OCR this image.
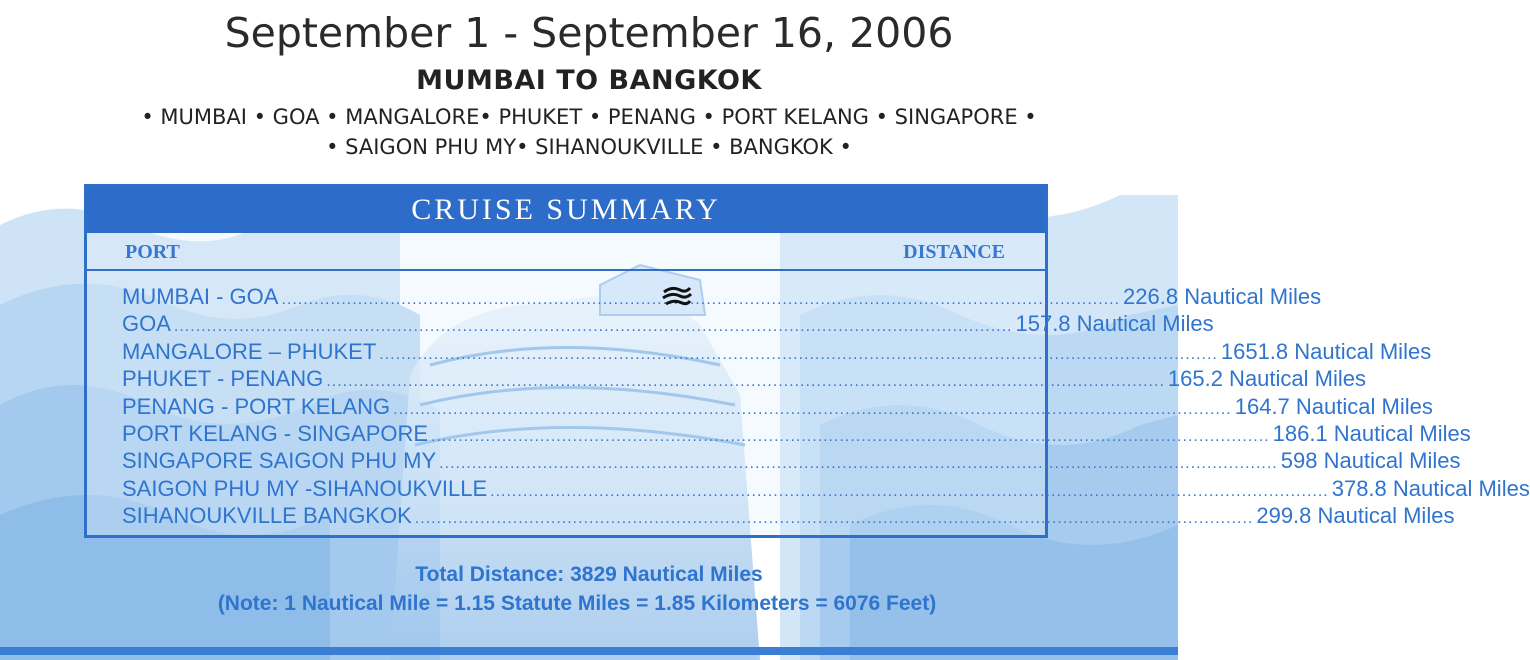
September 1 - September 16, 2006
MUMBAI TO BANGKOK
• MUMBAI • GOA • MANGALORE• PHUKET • PENANG • PORT KELANG • SINGAPORE •
• SAIGON PHU MY• SIHANOUKVILLE • BANGKOK •
CRUISE SUMMARY
PORT	DISTANCE
MUMBAI - GOA .......................................................................................................................................................... 226.8 Nautical Miles
GOA .......................................................................................................................................................... 157.8 Nautical Miles
MANGALORE – PHUKET .......................................................................................................................................................... 1651.8 Nautical Miles
PHUKET - PENANG .......................................................................................................................................................... 165.2 Nautical Miles
PENANG - PORT KELANG .......................................................................................................................................................... 164.7 Nautical Miles
PORT KELANG - SINGAPORE .......................................................................................................................................................... 186.1 Nautical Miles
SINGAPORE SAIGON PHU MY .......................................................................................................................................................... 598 Nautical Miles
SAIGON PHU MY -SIHANOUKVILLE .......................................................................................................................................................... 378.8 Nautical Miles
SIHANOUKVILLE BANGKOK .......................................................................................................................................................... 299.8 Nautical Miles
Total Distance: 3829 Nautical Miles
(Note: 1 Nautical Mile = 1.15 Statute Miles = 1.85 Kilometers = 6076 Feet)
